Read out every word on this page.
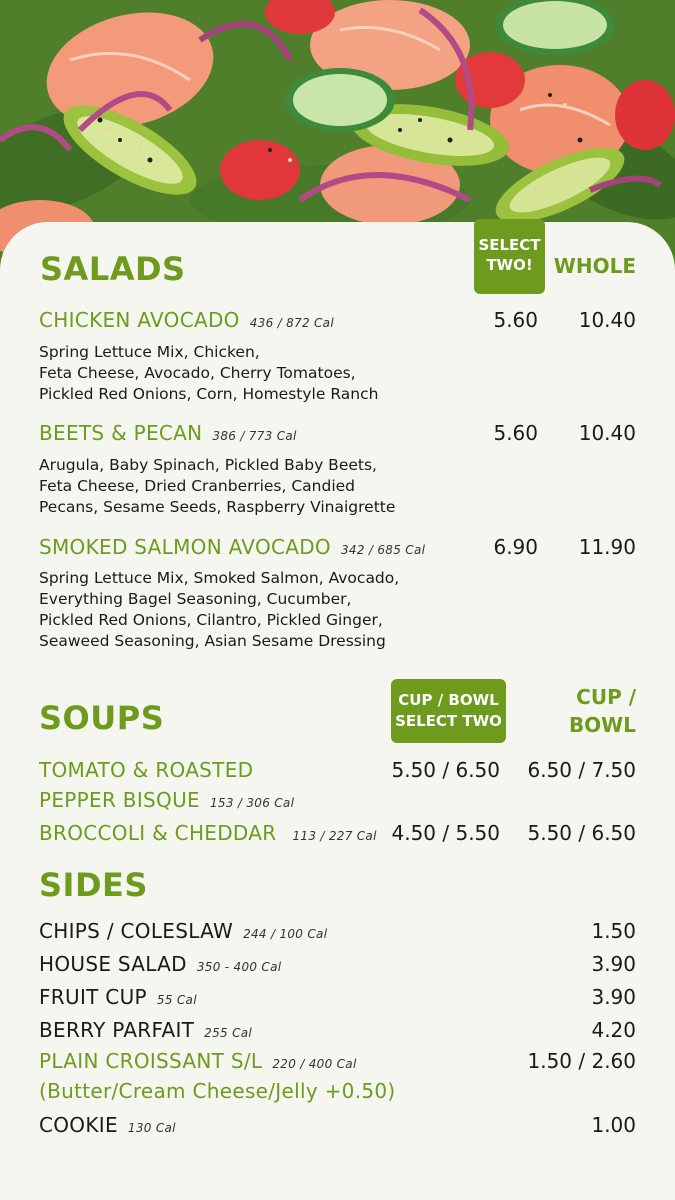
SALADS
SELECT
TWO!	WHOLE
CHICKEN AVOCADO 436 / 872 Cal	5.60	10.40
Spring Lettuce Mix, Chicken,
Feta Cheese, Avocado, Cherry Tomatoes,
Pickled Red Onions, Corn, Homestyle Ranch
BEETS & PECAN 386 / 773 Cal	5.60	10.40
Arugula, Baby Spinach, Pickled Baby Beets,
Feta Cheese, Dried Cranberries, Candied
Pecans, Sesame Seeds, Raspberry Vinaigrette
SMOKED SALMON AVOCADO 342 / 685 Cal	6.90	11.90
Spring Lettuce Mix, Smoked Salmon, Avocado,
Everything Bagel Seasoning, Cucumber,
Pickled Red Onions, Cilantro, Pickled Ginger,
Seaweed Seasoning, Asian Sesame Dressing
SOUPS	CUP / BOWL
SELECT TWO
CUP /
BOWL
TOMATO & ROASTED
PEPPER BISQUE 153 / 306 Cal
5.50 / 6.50	6.50 / 7.50
BROCCOLI & CHEDDAR 113 / 227 Cal 4.50 / 5.50	5.50 / 6.50
SIDES
CHIPS / COLESLAW 244 / 100 Cal	1.50
HOUSE SALAD 350 - 400 Cal	3.90
FRUIT CUP 55 Cal	3.90
BERRY PARFAIT 255 Cal	4.20
PLAIN CROISSANT S/L 220 / 400 Cal	1.50 / 2.60
(Butter/Cream Cheese/Jelly +0.50)
COOKIE 130 Cal	1.00
